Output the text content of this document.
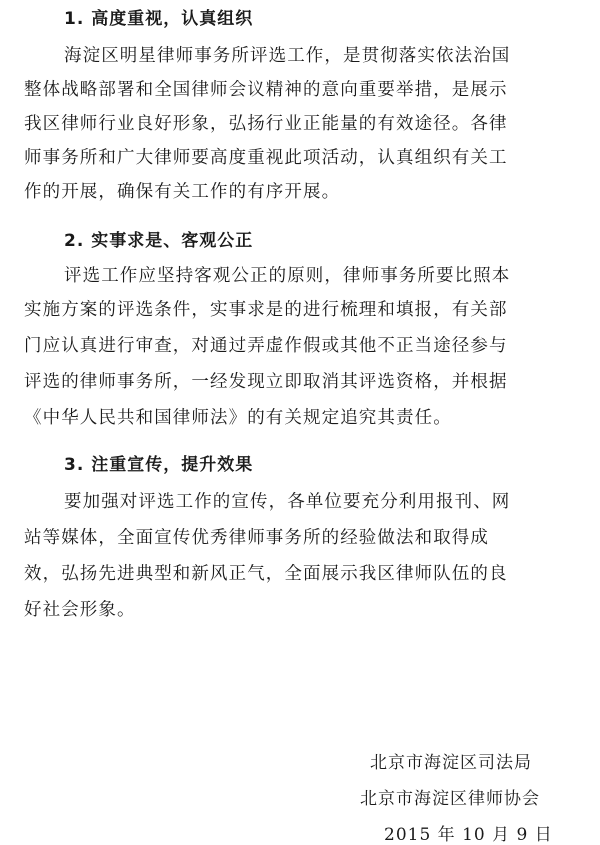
1. 高度重视，认真组织
海淀区明星律师事务所评选工作，是贯彻落实依法治国
整体战略部署和全国律师会议精神的意向重要举措，是展示
我区律师行业良好形象，弘扬行业正能量的有效途径。各律
师事务所和广大律师要高度重视此项活动，认真组织有关工
作的开展，确保有关工作的有序开展。
2. 实事求是、客观公正
评选工作应坚持客观公正的原则，律师事务所要比照本
实施方案的评选条件，实事求是的进行梳理和填报，有关部
门应认真进行审查，对通过弄虚作假或其他不正当途径参与
评选的律师事务所，一经发现立即取消其评选资格，并根据
《中华人民共和国律师法》的有关规定追究其责任。
3. 注重宣传，提升效果
要加强对评选工作的宣传，各单位要充分利用报刊、网
站等媒体，全面宣传优秀律师事务所的经验做法和取得成
效，弘扬先进典型和新风正气，全面展示我区律师队伍的良
好社会形象。
北京市海淀区司法局
北京市海淀区律师协会
2015 年 10 月 9 日
